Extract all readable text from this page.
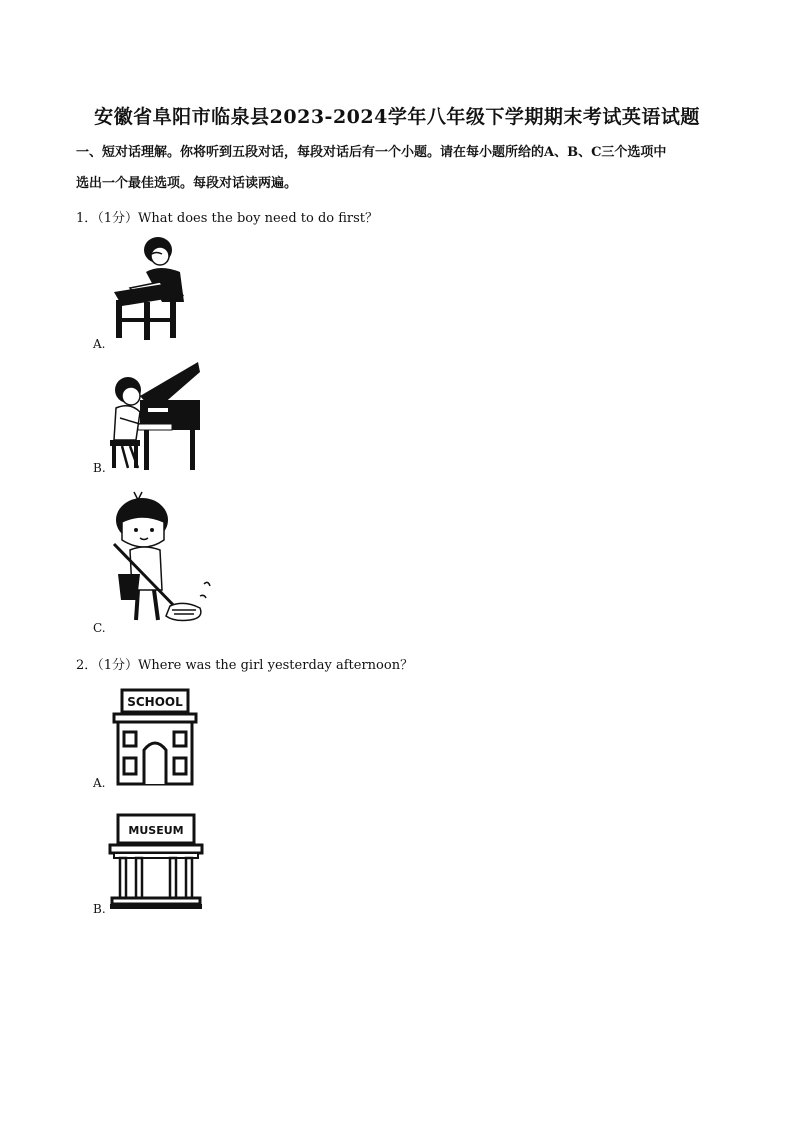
安徽省阜阳市临泉县2023-2024学年八年级下学期期末考试英语试题
一、短对话理解。你将听到五段对话，每段对话后有一个小题。请在每小题所给的A、B、C三个选项中
选出一个最佳选项。每段对话读两遍。
1．（1分）What does the boy need to do first？
A.
B.
C.
2．（1分）Where was the girl yesterday afternoon？
SCHOOL
A.
MUSEUM
B.
